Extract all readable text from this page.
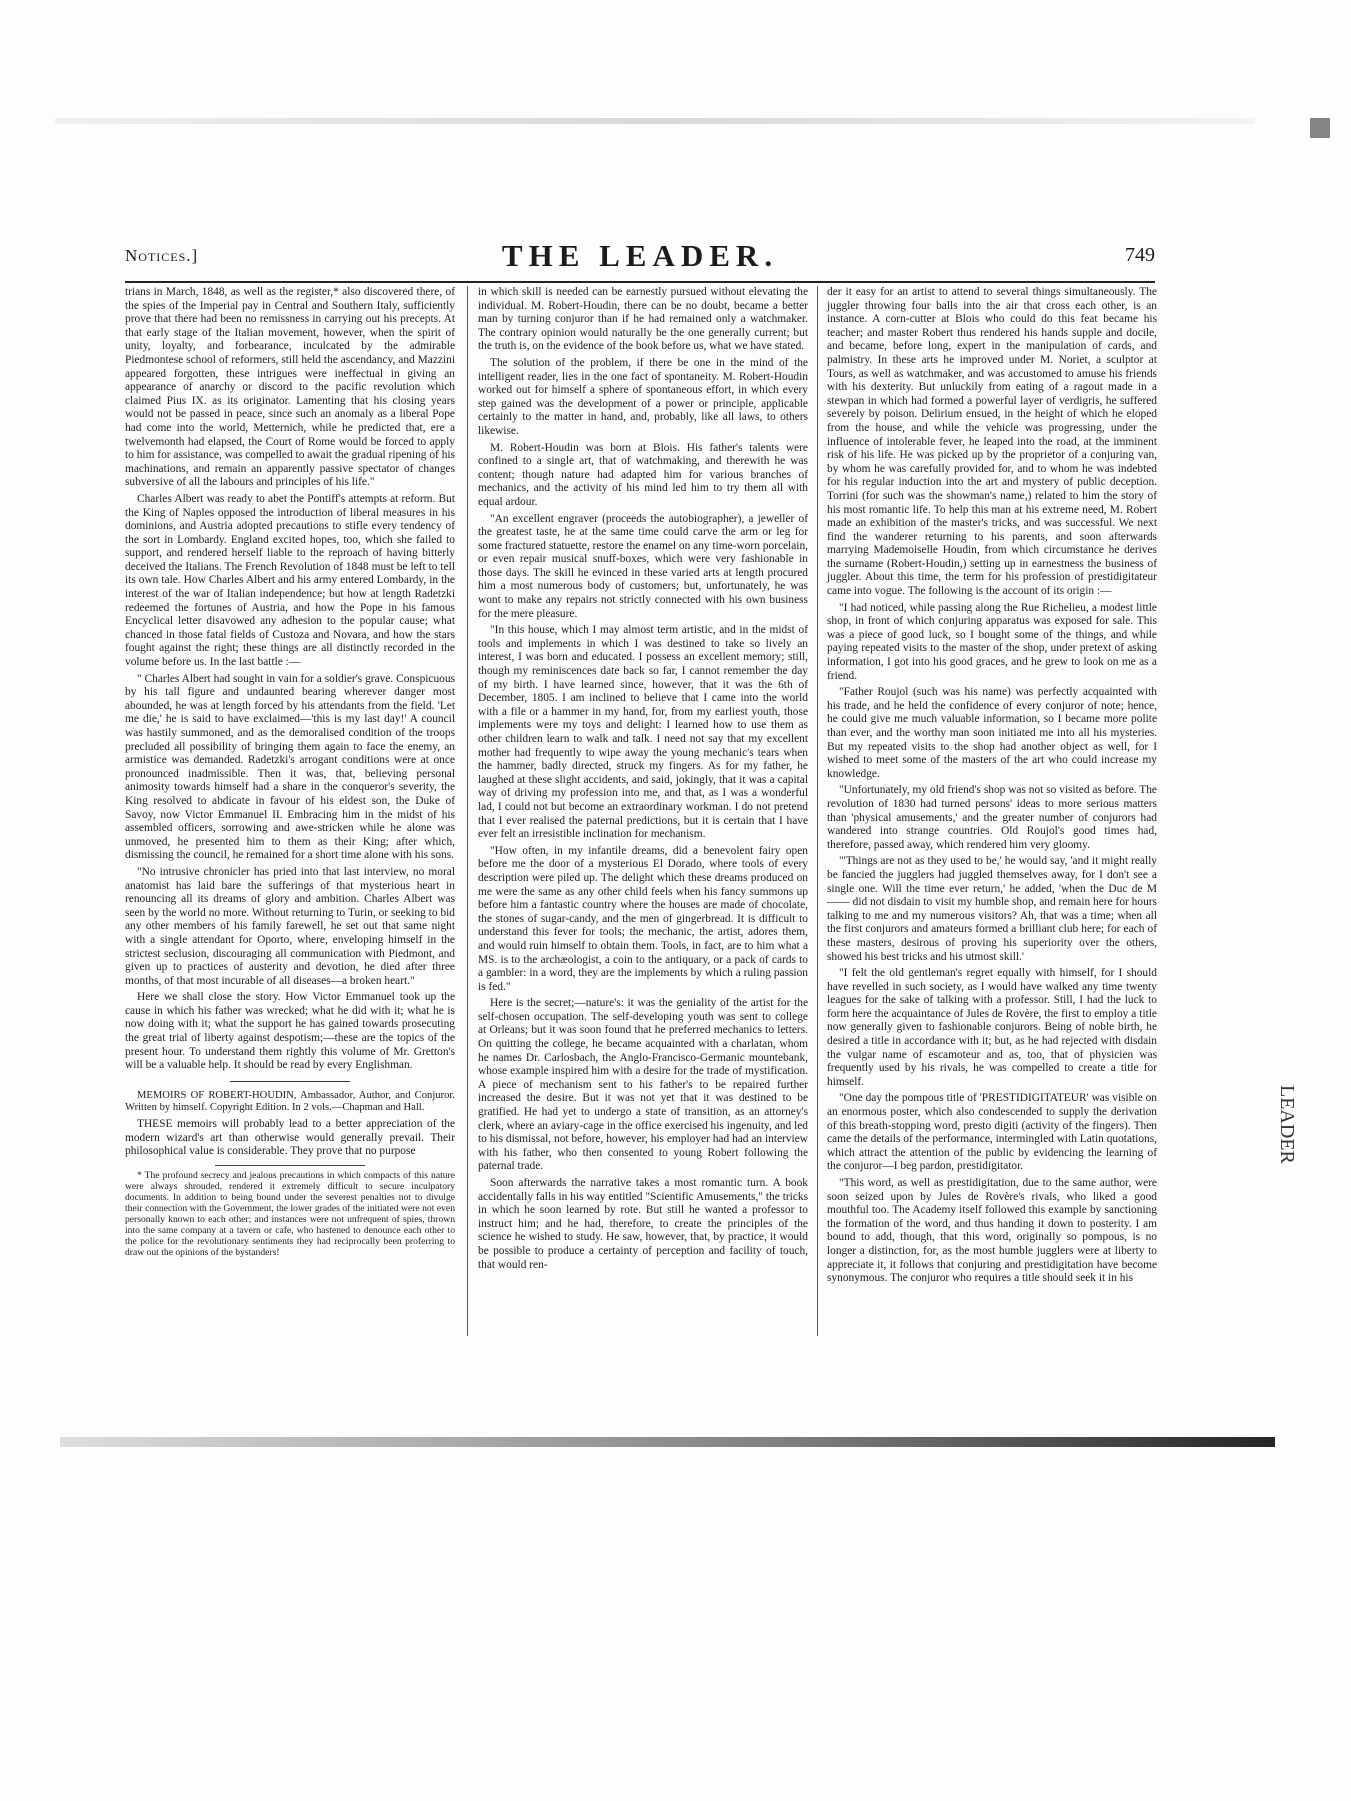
Notices.]	THE LEADER.	749

trians in March, 1848, as well as the register,* also discovered there, of the spies of the Imperial pay in Central and Southern Italy, sufficiently prove that there had been no remissness in carrying out his precepts. At that early stage of the Italian movement, however, when the spirit of unity, loyalty, and forbearance, inculcated by the admirable Piedmontese school of reformers, still held the ascendancy, and Mazzini appeared forgotten, these intrigues were ineffectual in giving an appearance of anarchy or discord to the pacific revolution which claimed Pius IX. as its originator. Lamenting that his closing years would not be passed in peace, since such an anomaly as a liberal Pope had come into the world, Metternich, while he predicted that, ere a twelvemonth had elapsed, the Court of Rome would be forced to apply to him for assistance, was compelled to await the gradual ripening of his machinations, and remain an apparently passive spectator of changes subversive of all the labours and principles of his life."

Charles Albert was ready to abet the Pontiff's attempts at reform. But the King of Naples opposed the introduction of liberal measures in his dominions, and Austria adopted precautions to stifle every tendency of the sort in Lombardy. England excited hopes, too, which she failed to support, and rendered herself liable to the reproach of having bitterly deceived the Italians. The French Revolution of 1848 must be left to tell its own tale. How Charles Albert and his army entered Lombardy, in the interest of the war of Italian independence; but how at length Radetzki redeemed the fortunes of Austria, and how the Pope in his famous Encyclical letter disavowed any adhesion to the popular cause; what chanced in those fatal fields of Custoza and Novara, and how the stars fought against the right; these things are all distinctly recorded in the volume before us. In the last battle :—

" Charles Albert had sought in vain for a soldier's grave. Conspicuous by his tall figure and undaunted bearing wherever danger most abounded, he was at length forced by his attendants from the field. 'Let me die,' he is said to have exclaimed—'this is my last day!' A council was hastily summoned, and as the demoralised condition of the troops precluded all possibility of bringing them again to face the enemy, an armistice was demanded. Radetzki's arrogant conditions were at once pronounced inadmissible. Then it was, that, believing personal animosity towards himself had a share in the conqueror's severity, the King resolved to abdicate in favour of his eldest son, the Duke of Savoy, now Victor Emmanuel II. Embracing him in the midst of his assembled officers, sorrowing and awe-stricken while he alone was unmoved, he presented him to them as their King; after which, dismissing the council, he remained for a short time alone with his sons.

"No intrusive chronicler has pried into that last interview, no moral anatomist has laid bare the sufferings of that mysterious heart in renouncing all its dreams of glory and ambition. Charles Albert was seen by the world no more. Without returning to Turin, or seeking to bid any other members of his family farewell, he set out that same night with a single attendant for Oporto, where, enveloping himself in the strictest seclusion, discouraging all communication with Piedmont, and given up to practices of austerity and devotion, he died after three months, of that most incurable of all diseases—a broken heart."

Here we shall close the story. How Victor Emmanuel took up the cause in which his father was wrecked; what he did with it; what he is now doing with it; what the support he has gained towards prosecuting the great trial of liberty against despotism;—these are the topics of the present hour. To understand them rightly this volume of Mr. Gretton's will be a valuable help. It should be read by every Englishman.

MEMOIRS OF ROBERT-HOUDIN, Ambassador, Author, and Conjuror. Written by himself. Copyright Edition. In 2 vols.—Chapman and Hall.

THESE memoirs will probably lead to a better appreciation of the modern wizard's art than otherwise would generally prevail. Their philosophical value is considerable. They prove that no purpose

* The profound secrecy and jealous precautions in which compacts of this nature were always shrouded, rendered it extremely difficult to secure inculpatory documents. In addition to being bound under the severest penalties not to divulge their connection with the Government, the lower grades of the initiated were not even personally known to each other; and instances were not unfrequent of spies, thrown into the same company at a tavern or cafe, who hastened to denounce each other to the police for the revolutionary sentiments they had reciprocally been proferring to draw out the opinions of the bystanders!

in which skill is needed can be earnestly pursued without elevating the individual. M. Robert-Houdin, there can be no doubt, became a better man by turning conjuror than if he had remained only a watchmaker. The contrary opinion would naturally be the one generally current; but the truth is, on the evidence of the book before us, what we have stated.

The solution of the problem, if there be one in the mind of the intelligent reader, lies in the one fact of spontaneity. M. Robert-Houdin worked out for himself a sphere of spontaneous effort, in which every step gained was the development of a power or principle, applicable certainly to the matter in hand, and, probably, like all laws, to others likewise.

M. Robert-Houdin was born at Blois. His father's talents were confined to a single art, that of watchmaking, and therewith he was content; though nature had adapted him for various branches of mechanics, and the activity of his mind led him to try them all with equal ardour.

"An excellent engraver (proceeds the autobiographer), a jeweller of the greatest taste, he at the same time could carve the arm or leg for some fractured statuette, restore the enamel on any time-worn porcelain, or even repair musical snuff-boxes, which were very fashionable in those days. The skill he evinced in these varied arts at length procured him a most numerous body of customers; but, unfortunately, he was wont to make any repairs not strictly connected with his own business for the mere pleasure.

"In this house, which I may almost term artistic, and in the midst of tools and implements in which I was destined to take so lively an interest, I was born and educated. I possess an excellent memory; still, though my reminiscences date back so far, I cannot remember the day of my birth. I have learned since, however, that it was the 6th of December, 1805. I am inclined to believe that I came into the world with a file or a hammer in my hand, for, from my earliest youth, those implements were my toys and delight: I learned how to use them as other children learn to walk and talk. I need not say that my excellent mother had frequently to wipe away the young mechanic's tears when the hammer, badly directed, struck my fingers. As for my father, he laughed at these slight accidents, and said, jokingly, that it was a capital way of driving my profession into me, and that, as I was a wonderful lad, I could not but become an extraordinary workman. I do not pretend that I ever realised the paternal predictions, but it is certain that I have ever felt an irresistible inclination for mechanism.

"How often, in my infantile dreams, did a benevolent fairy open before me the door of a mysterious El Dorado, where tools of every description were piled up. The delight which these dreams produced on me were the same as any other child feels when his fancy summons up before him a fantastic country where the houses are made of chocolate, the stones of sugar-candy, and the men of gingerbread. It is difficult to understand this fever for tools; the mechanic, the artist, adores them, and would ruin himself to obtain them. Tools, in fact, are to him what a MS. is to the archæologist, a coin to the antiquary, or a pack of cards to a gambler: in a word, they are the implements by which a ruling passion is fed."

Here is the secret;—nature's: it was the geniality of the artist for the self-chosen occupation. The self-developing youth was sent to college at Orleans; but it was soon found that he preferred mechanics to letters. On quitting the college, he became acquainted with a charlatan, whom he names Dr. Carlosbach, the Anglo-Francisco-Germanic mountebank, whose example inspired him with a desire for the trade of mystification. A piece of mechanism sent to his father's to be repaired further increased the desire. But it was not yet that it was destined to be gratified. He had yet to undergo a state of transition, as an attorney's clerk, where an aviary-cage in the office exercised his ingenuity, and led to his dismissal, not before, however, his employer had had an interview with his father, who then consented to young Robert following the paternal trade.

Soon afterwards the narrative takes a most romantic turn. A book accidentally falls in his way entitled "Scientific Amusements," the tricks in which he soon learned by rote. But still he wanted a professor to instruct him; and he had, therefore, to create the principles of the science he wished to study. He saw, however, that, by practice, it would be possible to produce a certainty of perception and facility of touch, that would ren-

der it easy for an artist to attend to several things simultaneously. The juggler throwing four balls into the air that cross each other, is an instance. A corn-cutter at Blois who could do this feat became his teacher; and master Robert thus rendered his hands supple and docile, and became, before long, expert in the manipulation of cards, and palmistry. In these arts he improved under M. Noriet, a sculptor at Tours, as well as watchmaker, and was accustomed to amuse his friends with his dexterity. But unluckily from eating of a ragout made in a stewpan in which had formed a powerful layer of verdigris, he suffered severely by poison. Delirium ensued, in the height of which he eloped from the house, and while the vehicle was progressing, under the influence of intolerable fever, he leaped into the road, at the imminent risk of his life. He was picked up by the proprietor of a conjuring van, by whom he was carefully provided for, and to whom he was indebted for his regular induction into the art and mystery of public deception. Torrini (for such was the showman's name,) related to him the story of his most romantic life. To help this man at his extreme need, M. Robert made an exhibition of the master's tricks, and was successful. We next find the wanderer returning to his parents, and soon afterwards marrying Mademoiselle Houdin, from which circumstance he derives the surname (Robert-Houdin,) setting up in earnestness the business of juggler. About this time, the term for his profession of prestidigitateur came into vogue. The following is the account of its origin :—

"I had noticed, while passing along the Rue Richelieu, a modest little shop, in front of which conjuring apparatus was exposed for sale. This was a piece of good luck, so I bought some of the things, and while paying repeated visits to the master of the shop, under pretext of asking information, I got into his good graces, and he grew to look on me as a friend.

"Father Roujol (such was his name) was perfectly acquainted with his trade, and he held the confidence of every conjuror of note; hence, he could give me much valuable information, so I became more polite than ever, and the worthy man soon initiated me into all his mysteries. But my repeated visits to the shop had another object as well, for I wished to meet some of the masters of the art who could increase my knowledge.

"Unfortunately, my old friend's shop was not so visited as before. The revolution of 1830 had turned persons' ideas to more serious matters than 'physical amusements,' and the greater number of conjurors had wandered into strange countries. Old Roujol's good times had, therefore, passed away, which rendered him very gloomy.

"'Things are not as they used to be,' he would say, 'and it might really be fancied the jugglers had juggled themselves away, for I don't see a single one. Will the time ever return,' he added, 'when the Duc de M—— did not disdain to visit my humble shop, and remain here for hours talking to me and my numerous visitors? Ah, that was a time; when all the first conjurors and amateurs formed a brilliant club here; for each of these masters, desirous of proving his superiority over the others, showed his best tricks and his utmost skill.'

"I felt the old gentleman's regret equally with himself, for I should have revelled in such society, as I would have walked any time twenty leagues for the sake of talking with a professor. Still, I had the luck to form here the acquaintance of Jules de Rovère, the first to employ a title now generally given to fashionable conjurors. Being of noble birth, he desired a title in accordance with it; but, as he had rejected with disdain the vulgar name of escamoteur and as, too, that of physicien was frequently used by his rivals, he was compelled to create a title for himself.

"One day the pompous title of 'PRESTIDIGITATEUR' was visible on an enormous poster, which also condescended to supply the derivation of this breath-stopping word, presto digiti (activity of the fingers). Then came the details of the performance, intermingled with Latin quotations, which attract the attention of the public by evidencing the learning of the conjuror—I beg pardon, prestidigitator.

"This word, as well as prestidigitation, due to the same author, were soon seized upon by Jules de Rovère's rivals, who liked a good mouthful too. The Academy itself followed this example by sanctioning the formation of the word, and thus handing it down to posterity. I am bound to add, though, that this word, originally so pompous, is no longer a distinction, for, as the most humble jugglers were at liberty to appreciate it, it follows that conjuring and prestidigitation have become synonymous. The conjuror who requires a title should seek it in his

LEADER
